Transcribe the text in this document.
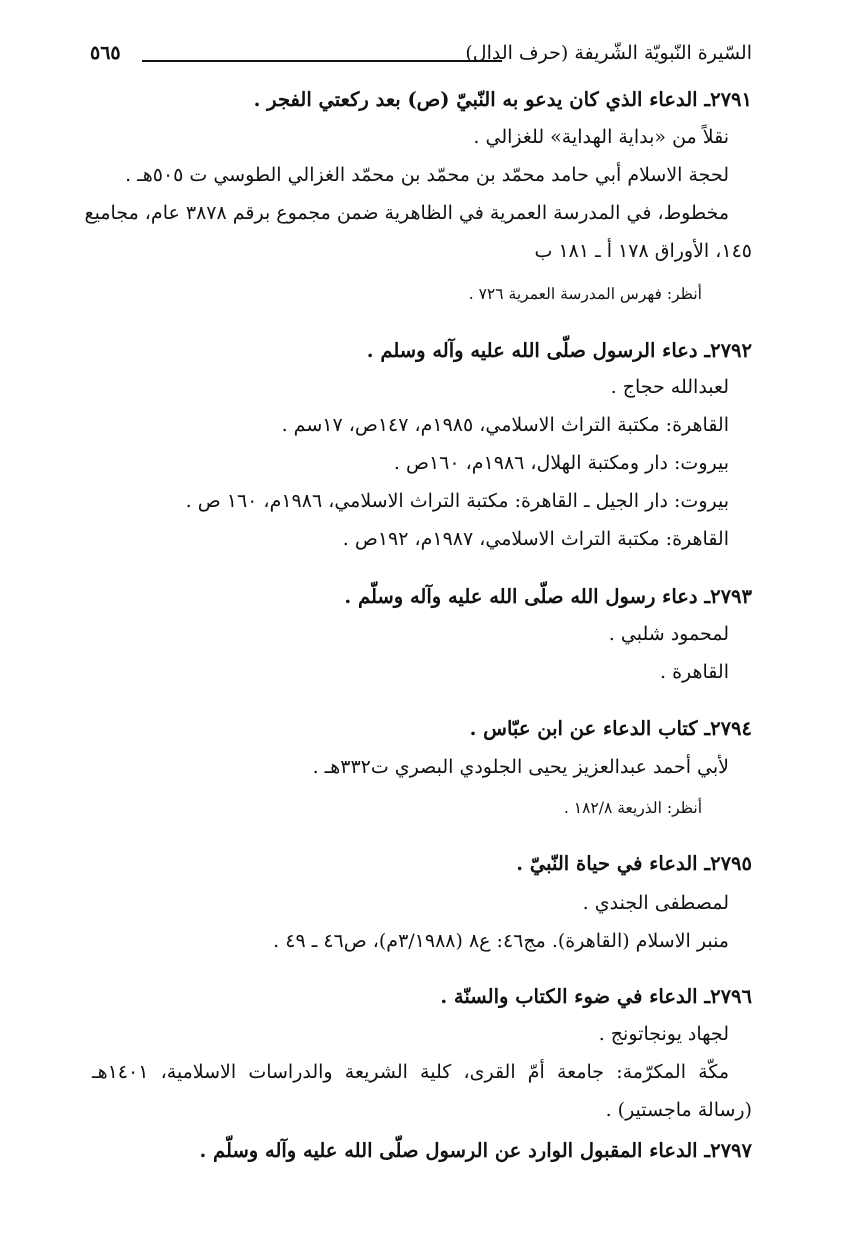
٥٦٥	السّيرة النّبويّة الشّريفة (حرف الدال)
٢٧٩١ـ الدعاء الذي كان يدعو به النّبيّ (ص) بعد ركعتي الفجر .
نقلاً من «بداية الهداية» للغزالي .
لحجة الاسلام أبي حامد محمّد بن محمّد بن محمّد الغزالي الطوسي ت ٥٠٥هـ .
مخطوط، في المدرسة العمرية في الظاهرية ضمن مجموع برقم ٣٨٧٨ عام، مجاميع
١٤٥، الأوراق ١٧٨ أ ـ ١٨١ ب
أنظر: فهرس المدرسة العمرية ٧٢٦ .
٢٧٩٢ـ دعاء الرسول صلّى الله عليه وآله وسلم .
لعبدالله حجاج .
القاهرة: مكتبة التراث الاسلامي، ١٩٨٥م، ١٤٧ص، ١٧سم .
بيروت: دار ومكتبة الهلال، ١٩٨٦م، ١٦٠ص .
بيروت: دار الجيل ـ القاهرة: مكتبة التراث الاسلامي، ١٩٨٦م، ١٦٠ ص .
القاهرة: مكتبة التراث الاسلامي، ١٩٨٧م، ١٩٢ص .
٢٧٩٣ـ دعاء رسول الله صلّى الله عليه وآله وسلّم .
لمحمود شلبي .
القاهرة .
٢٧٩٤ـ كتاب الدعاء عن ابن عبّاس .
لأبي أحمد عبدالعزيز يحيى الجلودي البصري ت٣٣٢هـ .
أنظر: الذريعة ١٨٢/٨ .
٢٧٩٥ـ الدعاء في حياة النّبيّ .
لمصطفى الجندي .
منبر الاسلام (القاهرة). مج٤٦: ع٨ (٣/١٩٨٨م)، ص٤٦ ـ ٤٩ .
٢٧٩٦ـ الدعاء في ضوء الكتاب والسنّة .
لجهاد يونجاتونج .
مكّة المكرّمة: جامعة أمّ القرى، كلية الشريعة والدراسات الاسلامية، ١٤٠١هـ
(رسالة ماجستير) .
٢٧٩٧ـ الدعاء المقبول الوارد عن الرسول صلّى الله عليه وآله وسلّم .
